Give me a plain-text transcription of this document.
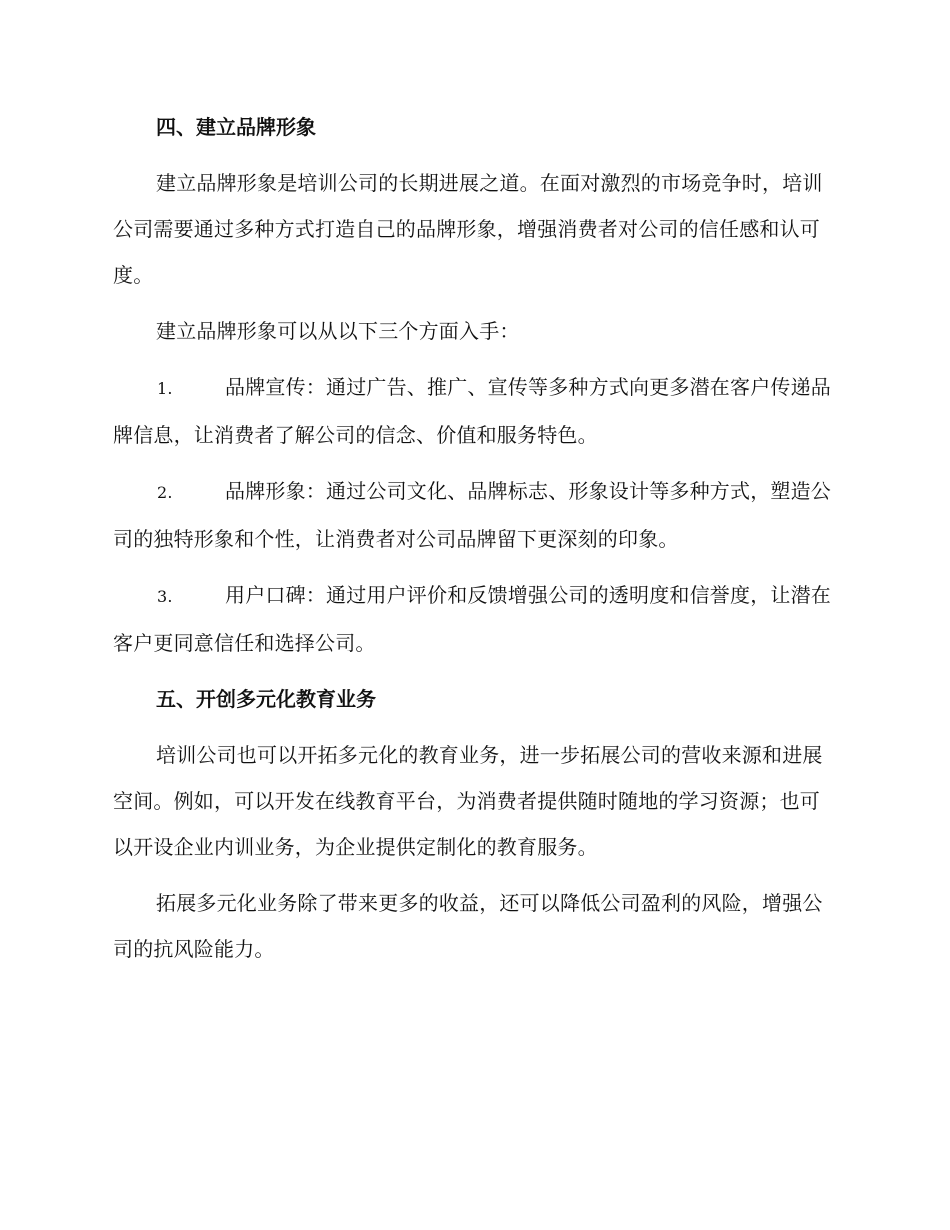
四、建立品牌形象

建立品牌形象是培训公司的长期进展之道。在面对激烈的市场竞争时，培训公司需要通过多种方式打造自己的品牌形象，增强消费者对公司的信任感和认可度。

建立品牌形象可以从以下三个方面入手：

1.	品牌宣传：通过广告、推广、宣传等多种方式向更多潜在客户传递品牌信息，让消费者了解公司的信念、价值和服务特色。

2.	品牌形象：通过公司文化、品牌标志、形象设计等多种方式，塑造公司的独特形象和个性，让消费者对公司品牌留下更深刻的印象。

3.	用户口碑：通过用户评价和反馈增强公司的透明度和信誉度，让潜在客户更同意信任和选择公司。

五、开创多元化教育业务

培训公司也可以开拓多元化的教育业务，进一步拓展公司的营收来源和进展空间。例如，可以开发在线教育平台，为消费者提供随时随地的学习资源；也可以开设企业内训业务，为企业提供定制化的教育服务。

拓展多元化业务除了带来更多的收益，还可以降低公司盈利的风险，增强公司的抗风险能力。
